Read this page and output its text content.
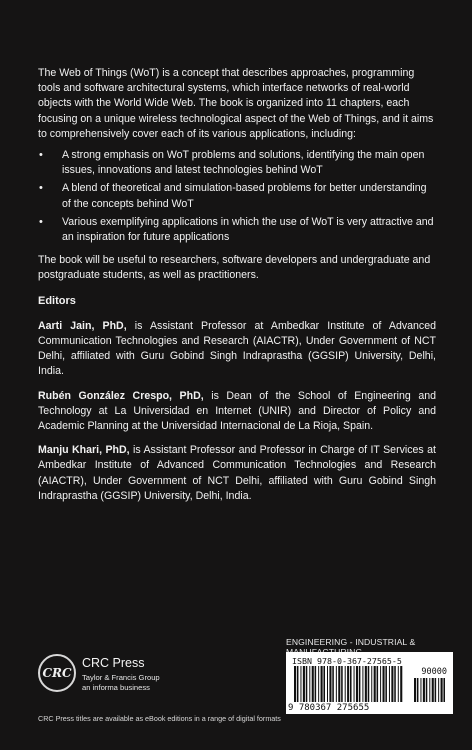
The Web of Things (WoT) is a concept that describes approaches, programming tools and software architectural systems, which interface networks of real-world objects with the World Wide Web. The book is organized into 11 chapters, each focusing on a unique wireless technological aspect of the Web of Things, and it aims to comprehensively cover each of its various applications, including:

• A strong emphasis on WoT problems and solutions, identifying the main open issues, innovations and latest technologies behind WoT
• A blend of theoretical and simulation-based problems for better understanding of the concepts behind WoT
• Various exemplifying applications in which the use of WoT is very attractive and an inspiration for future applications

The book will be useful to researchers, software developers and undergraduate and postgraduate students, as well as practitioners.

Editors

Aarti Jain, PhD, is Assistant Professor at Ambedkar Institute of Advanced Communication Technologies and Research (AIACTR), Under Government of NCT Delhi, affiliated with Guru Gobind Singh Indraprastha (GGSIP) University, Delhi, India.

Rubén González Crespo, PhD, is Dean of the School of Engineering and Technology at La Universidad en Internet (UNIR) and Director of Policy and Academic Planning at the Universidad Internacional de La Rioja, Spain.

Manju Khari, PhD, is Assistant Professor and Professor in Charge of IT Services at Ambedkar Institute of Advanced Communication Technologies and Research (AIACTR), Under Government of NCT Delhi, affiliated with Guru Gobind Singh Indraprastha (GGSIP) University, Delhi, India.

ENGINEERING - INDUSTRIAL &
ISBN 978-0-367-27565-5
90000
9 780367 275655
CRC
CRC Press
Taylor & Francis Group
an informa business
CRC Press titles are available as eBook editions in a range of digital formats
